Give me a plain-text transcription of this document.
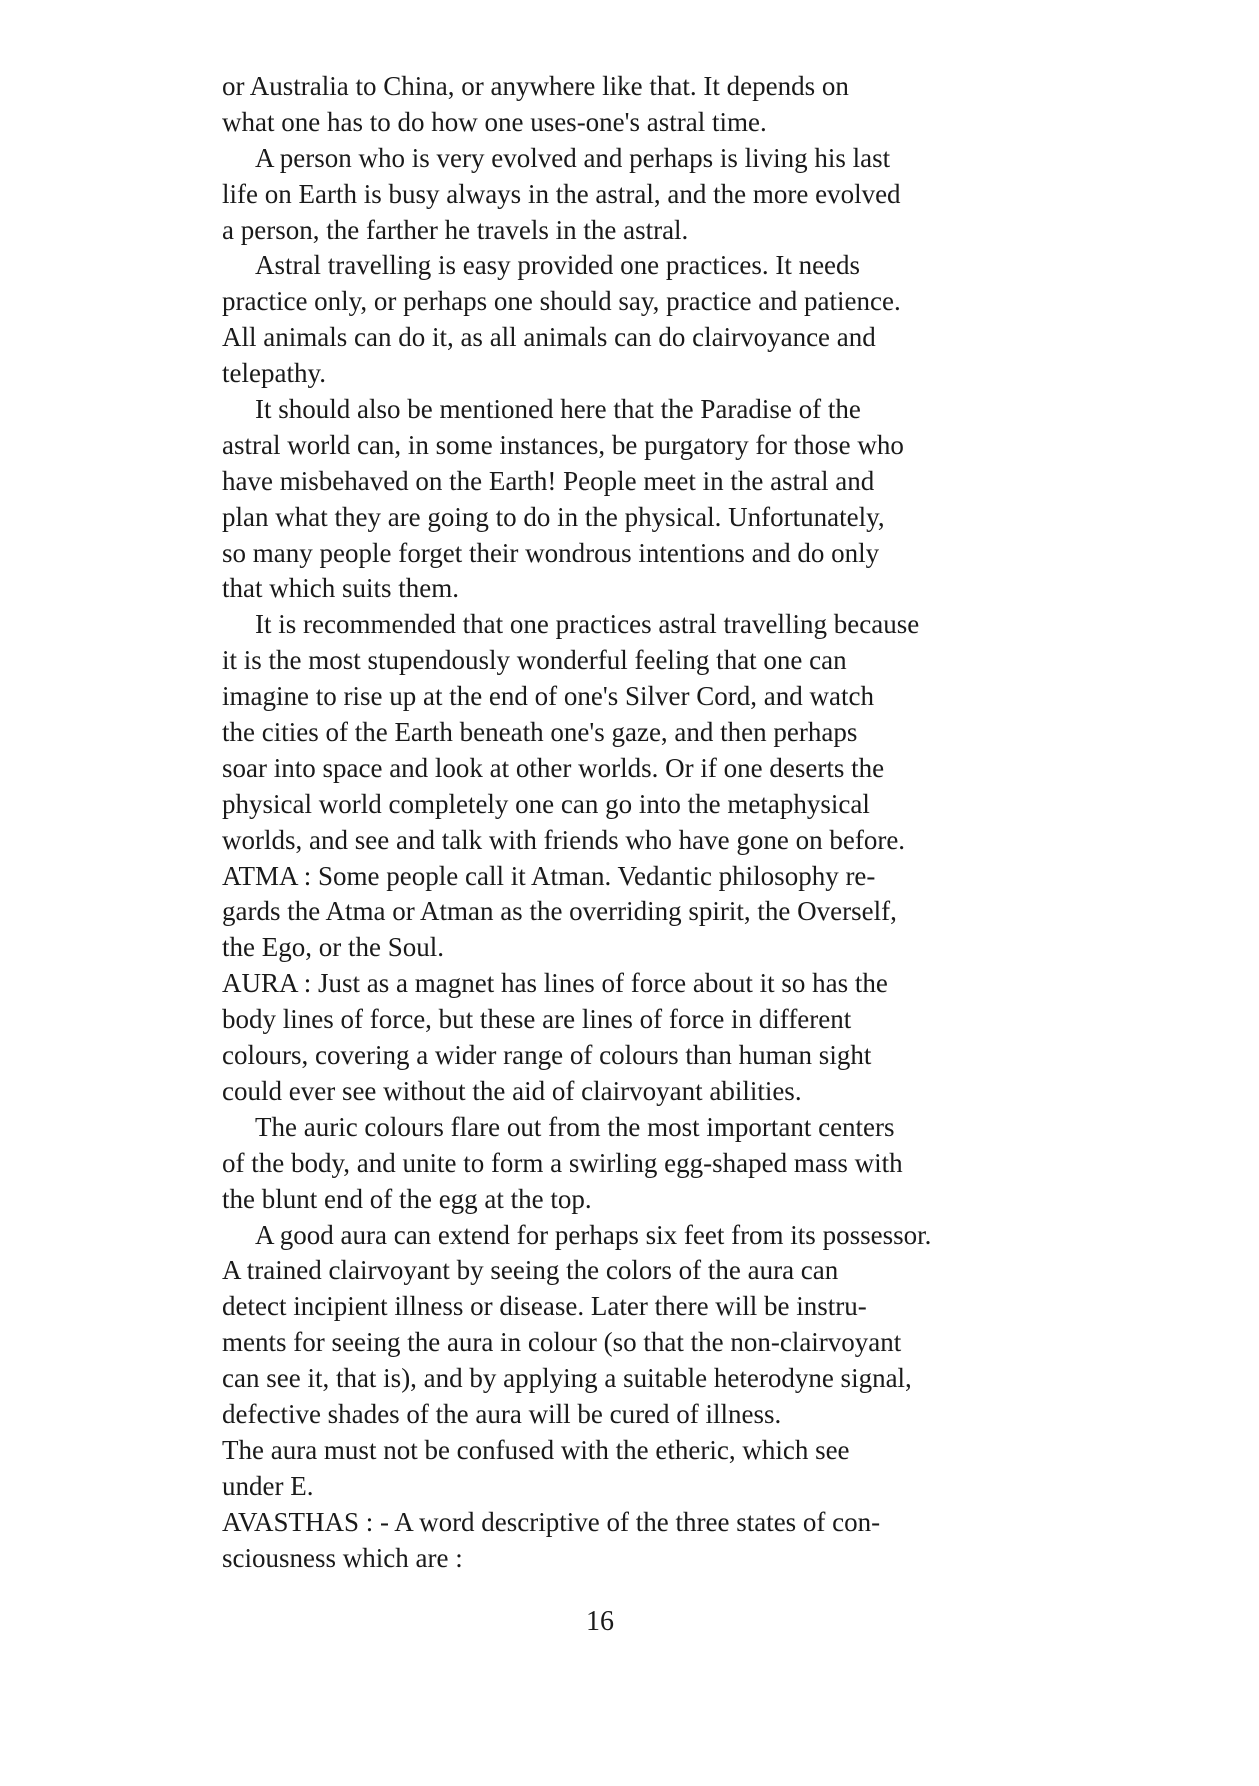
or Australia to China, or anywhere like that. It depends on
what one has to do how one uses-one's astral time.
A person who is very evolved and perhaps is living his last
life on Earth is busy always in the astral, and the more evolved
a person, the farther he travels in the astral.
Astral travelling is easy provided one practices. It needs
practice only, or perhaps one should say, practice and patience.
All animals can do it, as all animals can do clairvoyance and
telepathy.
It should also be mentioned here that the Paradise of the
astral world can, in some instances, be purgatory for those who
have misbehaved on the Earth! People meet in the astral and
plan what they are going to do in the physical. Unfortunately,
so many people forget their wondrous intentions and do only
that which suits them.
It is recommended that one practices astral travelling because
it is the most stupendously wonderful feeling that one can
imagine to rise up at the end of one's Silver Cord, and watch
the cities of the Earth beneath one's gaze, and then perhaps
soar into space and look at other worlds. Or if one deserts the
physical world completely one can go into the metaphysical
worlds, and see and talk with friends who have gone on before.
ATMA : Some people call it Atman. Vedantic philosophy re-
gards the Atma or Atman as the overriding spirit, the Overself,
the Ego, or the Soul.
AURA : Just as a magnet has lines of force about it so has the
body lines of force, but these are lines of force in different
colours, covering a wider range of colours than human sight
could ever see without the aid of clairvoyant abilities.
The auric colours flare out from the most important centers
of the body, and unite to form a swirling egg-shaped mass with
the blunt end of the egg at the top.
A good aura can extend for perhaps six feet from its possessor.
A trained clairvoyant by seeing the colors of the aura can
detect incipient illness or disease. Later there will be instru-
ments for seeing the aura in colour (so that the non-clairvoyant
can see it, that is), and by applying a suitable heterodyne signal,
defective shades of the aura will be cured of illness.
The aura must not be confused with the etheric, which see
under E.
AVASTHAS : - A word descriptive of the three states of con-
sciousness which are :
16
